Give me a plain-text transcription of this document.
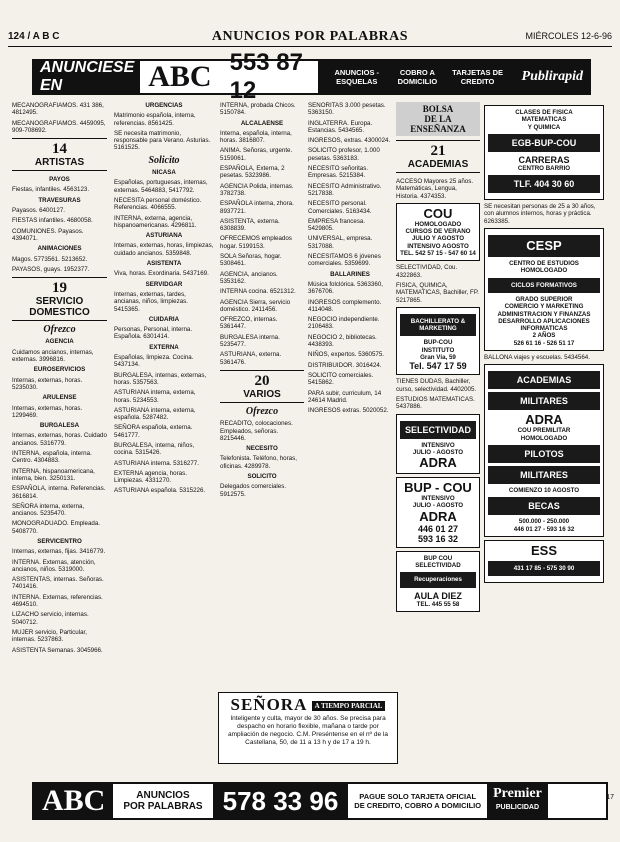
124 / A B C	ANUNCIOS POR PALABRAS	MIÉRCOLES 12-6-96
ANUNCIESE EN	ABC 553 87 12
ANUNCIOS - ESQUELAS

COBRO A DOMICILIO

TARJETAS DE CREDITO	Publirapid

MECANOGRAFIAMOS. 431 386, 4812495.

MECANOGRAFIAMOS. 4459095, 909-708692.

14
ARTISTAS

PAYOS

Fiestas, infantiles. 4563123.

TRAVESURAS

Payasos. 6400127.

FIESTAS infantiles. 4680058.

COMUNIONES. Payasos. 4394071.

ANIMACIONES

Magos. 5773561. 5213652.

PAYASOS, guays. 1952377.

19
SERVICIO DOMESTICO
Ofrezco

AGENCIA

Cuidamos ancianos, internas, externas. 3996816.

EUROSERVICIOS

Internas, externas, horas. 5235030.

ARULENSE

Internas, externas, horas. 1299469.

BURGALESA

Internas, externas, horas. Cuidado ancianos. 5316779.

INTERNA, española, interna. Centro. 4304883.

INTERNA, hispanoamericana, interna, bien. 3250131.

ESPAÑOLA, interna. Referencias. 3616814.

SEÑORA interna, externa, ancianos. 5235470.

MONOGRADUADO. Empleada. 5408770.

SERVICENTRO

Internas, externas, fijas. 3416779.

INTERNA. Externas, atención, ancianos, niños. 5319000.

ASISTENTAS, internas. Señoras. 7401416.

INTERNA. Externas, referencias. 4694510.

LIZACHO servicio, internas. 5040712.

MUJER servicio, Particular, internas. 5237863.

ASISTENTA Semanas. 3045966.

URGENCIAS

Matrimonio española, interna, referencias. 8561425.

SE necesita matrimonio, responsable para Verano. Asturias. 5161525.

Solicito

NICASA

Españolas, portuguesas, internas, externas. 5464883, 5417792.

NECESITA personal doméstico. Referencias. 4066555.

INTERNA, externa, agencia, hispanoamericanas. 4296811.

ASTURIANA

Internas, externas, horas, limpiezas, cuidado ancianos. 5359848.

ASISTENTA

Viva, horas. Exordinaria. 5437169.

SERVIDGAR

Internas, externas, tardes, ancianas, niños, limpiezas. 5415365.

CUIDARIA

Personas, Personal, interna. Española. 6301414.

EXTERNA

Españolas, limpieza. Cocina. 5437134.

BURGALESA, internas, externas, horas. 5357563.

ASTURIANA interna, externa, horas. 5234553.

ASTURIANA interna, externa, española. 5287482.

SEÑORA española, externa. 5461777.

BURGALESA, interna, niños, cocina. 5315426.

ASTURIANA interna. 5316277.

EXTERNA agencia, horas. Limpiezas. 4331270.

ASTURIANA española. 5315226.

INTERNA, probada Chicos. 5150784.

ALCALAENSE

Interna, española, interna, horas. 3816807.

ANIMA. Señoras, urgente. 5159061.

ESPAÑOLA, Externa, 2 pesetas. 5323986.

AGENCIA Polida, internas. 3782738.

ESPAÑOLA interna, zhora. 8937721.

ASISTENTA, externa. 6308839.

OFRECEMOS empleados hogar. 5199153.

SOLA Señoras, hogar. 5308461.

AGENCIA, ancianos. 5353162.

INTERNA cocina. 6521312.

AGENCIA Sierra, servicio doméstico. 2411456.

OFREZCO, internas. 5361447.

BURGALESA interna. 5235477.

ASTURIANA, externa. 5361476.

20
VARIOS
Ofrezco

RECADITO, colocaciones. Empleados, señoras. 8215446.

NECESITO

Telefonista. Teléfono, horas, oficinas. 4289978.

SOLICITO

Delegados comerciales. 5912575.

SEÑORITAS 3.000 pesetas. 5363150.

INGLATERRA. Europa. Estancias. 5434565.

INGRESOS, extras. 4300024.

SOLICITO profesor, 1.000 pesetas. 5363183.

NECESITO señoritas. Empresas. 5215384.

NECESITO Administrativo. 5217838.

NECESITO personal. Comerciales. 5163434.

EMPRESA francesa. 5429805.

UNIVERSAL, empresa. 5317088.

NECESITAMOS 6 jóvenes comerciales. 5359699.

BALLARINES

Música folclórica. 5363360, 3676706.

INGRESOS complemento. 4114048.

NEGOCIO independiente. 2106483.

NEGOCIO 2, bibliotecas. 4438393.

NIÑOS, expertos. 5360575.

DISTRIBUIDOR. 3016424.

SOLICITO comerciales. 5415862.

PARA subir, curriculum, 14 24614 Madrid.

INGRESOS extras. 5020052.

BOLSA
DE LA
ENSEÑANZA
21
ACADEMIAS

ACCESO Mayores 25 años. Matemáticas, Lengua, Historia. 4374353.

COU
HOMOLOGADO
CURSOS DE VERANO
JULIO Y AGOSTO
INTENSIVO AGOSTO
TEL. 542 57 15 - 547 60 14

SELECTIVIDAD, Cou. 4322863.

FISICA, QUIMICA, MATEMATICAS, Bachiller, FP. 5217865.

BACHILLERATO & MARKETING
BUP-COU
INSTITUTO
Gran Vía, 59
Tel. 547 17 59

TIENES DUDAS, Bachiller, curso, selectividad. 4402005.

ESTUDIOS MATEMATICAS. 5437886.

SELECTIVIDAD
INTENSIVO
JULIO - AGOSTO
ADRA
BUP - COU
INTENSIVO
JULIO - AGOSTO
ADRA
446 01 27
593 16 32
BUP COU
SELECTIVIDAD
Recuperaciones
AULA DIEZ
TEL. 445 55 58
CLASES DE FISICA
MATEMATICAS
Y QUIMICA
EGB-BUP-COU
CARRERAS
CENTRO BARRIO
TLF. 404 30 60

SE necesitan personas de 25 a 30 años, con alumnos internos, horas y práctica. 6263385.

CESP
CENTRO DE ESTUDIOS
HOMOLOGADO
CICLOS FORMATIVOS
GRADO SUPERIOR
COMERCIO Y MARKETING
ADMINISTRACION Y FINANZAS
DESARROLLO APLICACIONES INFORMATICAS
2 AÑOS
526 61 16 - 526 51 17

BALLONA viajes y escuelas. 5434564.

ACADEMIAS
MILITARES
ADRA
COU PREMILITAR
HOMOLOGADO
PILOTOS
MILITARES
COMIENZO 10 AGOSTO
BECAS
500.000 - 250.000
446 01 27 - 593 16 32
ESS
431 17 85 - 575 30 90
SEÑORA A TIEMPO PARCIAL
Inteligente y culta, mayor de 30 años. Se precisa para despacho en horario flexible, mañana o tarde por ampliación de negocio. C.M. Preséntense en el nº de la Castellana, 50, de 11 a 13 h y de 17 a 19 h.
ABC	ANUNCIOS
POR PALABRAS 578 33 96	PAGUE SOLO TARJETA OFICIAL
DE CREDITO, COBRO A DOMICILIO
Premier
PUBLICIDAD
17
